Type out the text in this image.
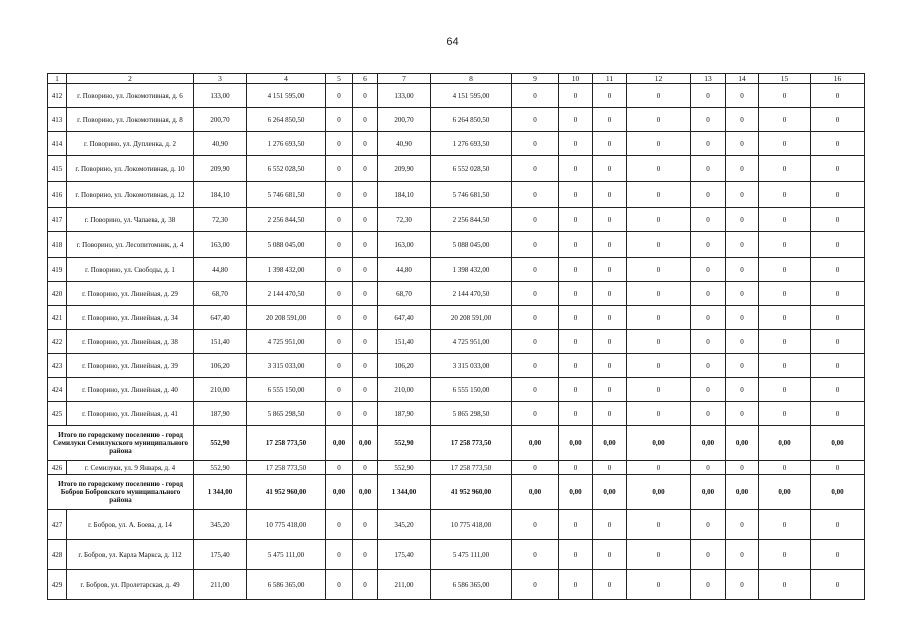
64
1	2	3	4	5	6	7	8	9	10	11	12	13	14	15	16
412	г. Поворино, ул. Локомотивная, д. 6	133,00	4 151 595,00	0	0	133,00	4 151 595,00	0	0	0	0	0	0	0	0
413	г. Поворино, ул. Локомотивная, д. 8	200,70	6 264 850,50	0	0	200,70	6 264 850,50	0	0	0	0	0	0	0	0
414	г. Поворино, ул. Дупленка, д. 2	40,90	1 276 693,50	0	0	40,90	1 276 693,50	0	0	0	0	0	0	0	0
415	г. Поворино, ул. Локомотивная, д. 10	209,90	6 552 028,50	0	0	209,90	6 552 028,50	0	0	0	0	0	0	0	0
416	г. Поворино, ул. Локомотивная, д. 12	184,10	5 746 681,50	0	0	184,10	5 746 681,50	0	0	0	0	0	0	0	0
417	г. Поворино, ул. Чапаева, д. 38	72,30	2 256 844,50	0	0	72,30	2 256 844,50	0	0	0	0	0	0	0	0
418	г. Поворино, ул. Лесопитомник, д. 4	163,00	5 088 045,00	0	0	163,00	5 088 045,00	0	0	0	0	0	0	0	0
419	г. Поворино, ул. Свободы, д. 1	44,80	1 398 432,00	0	0	44,80	1 398 432,00	0	0	0	0	0	0	0	0
420	г. Поворино, ул. Линейная, д. 29	68,70	2 144 470,50	0	0	68,70	2 144 470,50	0	0	0	0	0	0	0	0
421	г. Поворино, ул. Линейная, д. 34	647,40	20 208 591,00	0	0	647,40	20 208 591,00	0	0	0	0	0	0	0	0
422	г. Поворино, ул. Линейная, д. 38	151,40	4 725 951,00	0	0	151,40	4 725 951,00	0	0	0	0	0	0	0	0
423	г. Поворино, ул. Линейная, д. 39	106,20	3 315 033,00	0	0	106,20	3 315 033,00	0	0	0	0	0	0	0	0
424	г. Поворино, ул. Линейная, д. 40	210,00	6 555 150,00	0	0	210,00	6 555 150,00	0	0	0	0	0	0	0	0
425	г. Поворино, ул. Линейная, д. 41	187,90	5 865 298,50	0	0	187,90	5 865 298,50	0	0	0	0	0	0	0	0
Итого по городскому поселению - город Семилуки Семилукского муниципального района		552,90	17 258 773,50	0,00	0,00	552,90	17 258 773,50	0,00	0,00	0,00	0,00	0,00	0,00	0,00	0,00
426	г. Семилуки, ул. 9 Января, д. 4	552,90	17 258 773,50	0	0	552,90	17 258 773,50	0	0	0	0	0	0	0	0
Итого по городскому поселению - город Бобров Бобровского муниципального района		1 344,00	41 952 960,00	0,00	0,00	1 344,00	41 952 960,00	0,00	0,00	0,00	0,00	0,00	0,00	0,00	0,00
427	г. Бобров, ул. А. Боева, д. 14	345,20	10 775 418,00	0	0	345,20	10 775 418,00	0	0	0	0	0	0	0	0
428	г. Бобров, ул. Карла Маркса, д. 112	175,40	5 475 111,00	0	0	175,40	5 475 111,00	0	0	0	0	0	0	0	0
429	г. Бобров, ул. Пролетарская, д. 49	211,00	6 586 365,00	0	0	211,00	6 586 365,00	0	0	0	0	0	0	0	0
